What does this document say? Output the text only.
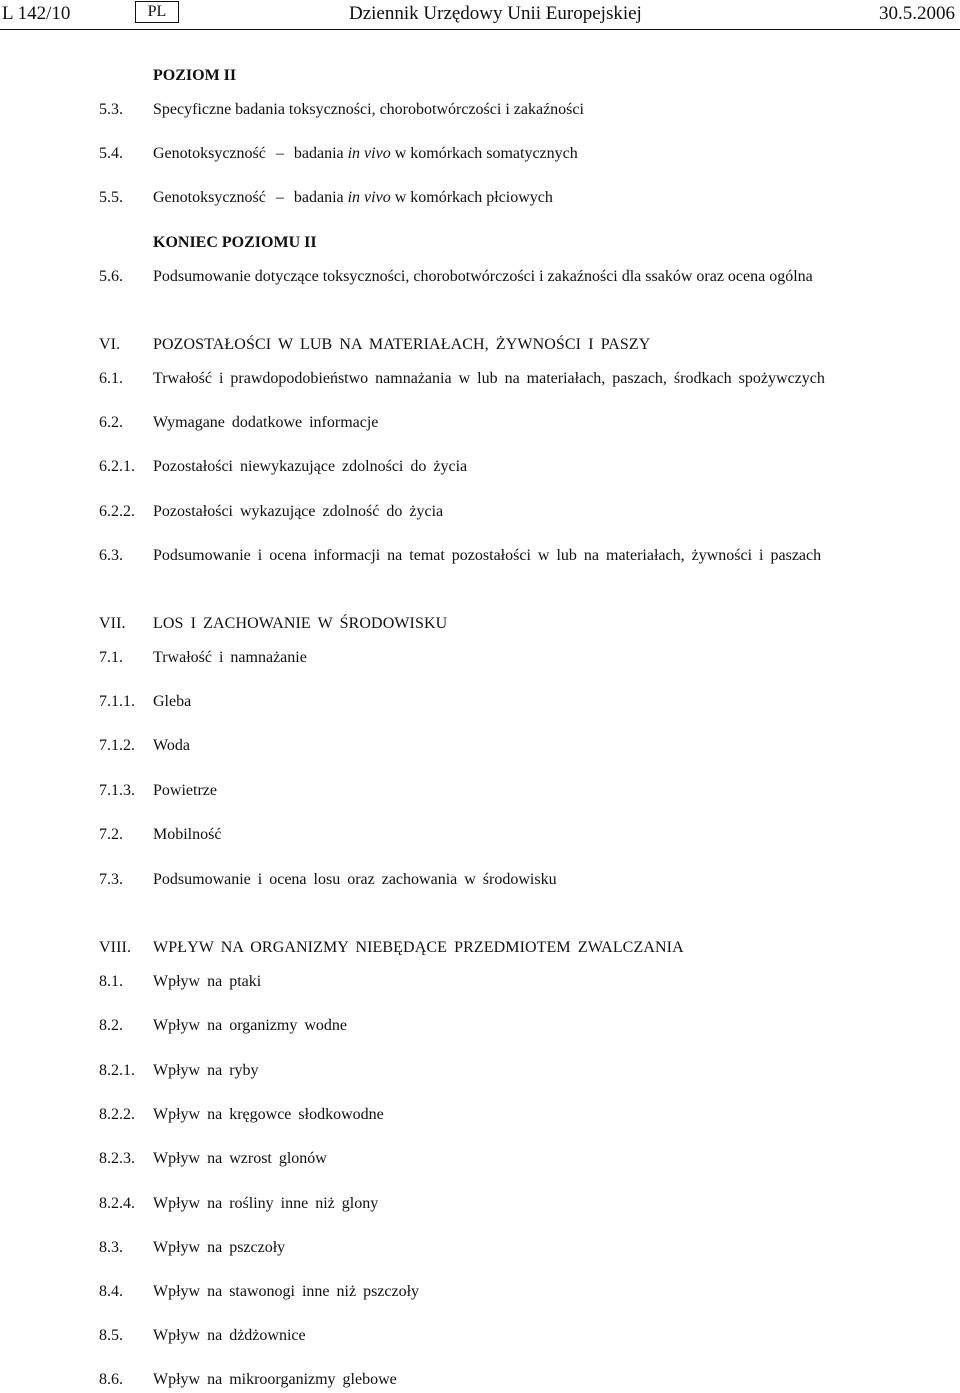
L 142/10	PL	Dziennik Urzędowy Unii Europejskiej	30.5.2006
POZIOM II
5.3. Specyficzne badania toksyczności, chorobotwórczości i zakaźności
5.4. Genotoksyczność – badania in vivo w komórkach somatycznych
5.5. Genotoksyczność – badania in vivo w komórkach płciowych
KONIEC POZIOMU II
5.6. Podsumowanie dotyczące toksyczności, chorobotwórczości i zakaźności dla ssaków oraz ocena ogólna
VI. POZOSTAŁOŚCI W LUB NA MATERIAŁACH, ŻYWNOŚCI I PASZY
6.1. Trwałość i prawdopodobieństwo namnażania w lub na materiałach, paszach, środkach spożywczych
6.2. Wymagane dodatkowe informacje
6.2.1. Pozostałości niewykazujące zdolności do życia
6.2.2. Pozostałości wykazujące zdolność do życia
6.3. Podsumowanie i ocena informacji na temat pozostałości w lub na materiałach, żywności i paszach
VII. LOS I ZACHOWANIE W ŚRODOWISKU
7.1. Trwałość i namnażanie
7.1.1. Gleba
7.1.2. Woda
7.1.3. Powietrze
7.2. Mobilność
7.3. Podsumowanie i ocena losu oraz zachowania w środowisku
VIII. WPŁYW NA ORGANIZMY NIEBĘDĄCE PRZEDMIOTEM ZWALCZANIA
8.1. Wpływ na ptaki
8.2. Wpływ na organizmy wodne
8.2.1. Wpływ na ryby
8.2.2. Wpływ na kręgowce słodkowodne
8.2.3. Wpływ na wzrost glonów
8.2.4. Wpływ na rośliny inne niż glony
8.3. Wpływ na pszczoły
8.4. Wpływ na stawonogi inne niż pszczoły
8.5. Wpływ na dżdżownice
8.6. Wpływ na mikroorganizmy glebowe
